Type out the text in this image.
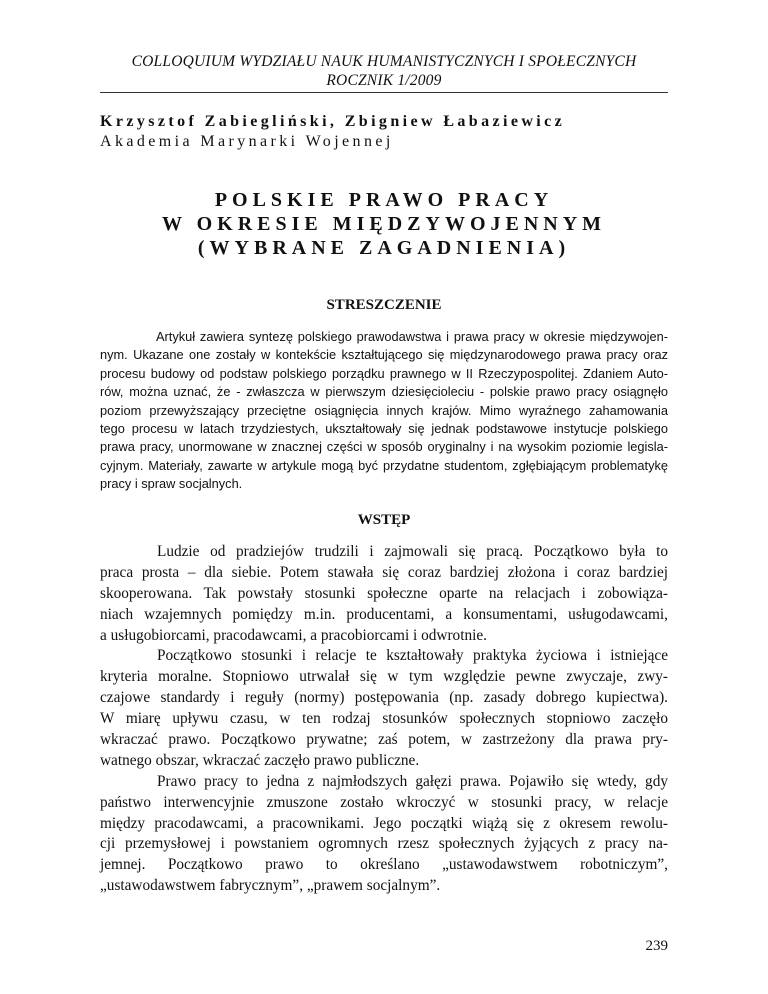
COLLOQUIUM WYDZIAŁU NAUK HUMANISTYCZNYCH I SPOŁECZNYCH
ROCZNIK 1/2009
Krzysztof Zabiegliński, Zbigniew Łabaziewicz
Akademia Marynarki Wojennej
POLSKIE PRAWO PRACY
W OKRESIE MIĘDZYWOJENNYM
(WYBRANE ZAGADNIENIA)
STRESZCZENIE
Artykuł zawiera syntezę polskiego prawodawstwa i prawa pracy w okresie międzywojen-
nym. Ukazane one zostały w kontekście kształtującego się międzynarodowego prawa pracy oraz
procesu budowy od podstaw polskiego porządku prawnego w II Rzeczypospolitej. Zdaniem Auto-
rów, można uznać, że - zwłaszcza w pierwszym dziesięcioleciu - polskie prawo pracy osiągnęło
poziom przewyższający przeciętne osiągnięcia innych krajów. Mimo wyraźnego zahamowania
tego procesu w latach trzydziestych, ukształtowały się jednak podstawowe instytucje polskiego
prawa pracy, unormowane w znacznej części w sposób oryginalny i na wysokim poziomie legisla-
cyjnym. Materiały, zawarte w artykule mogą być przydatne studentom, zgłębiającym problematykę
pracy i spraw socjalnych.
WSTĘP
Ludzie od pradziejów trudzili i zajmowali się pracą. Początkowo była to
praca prosta – dla siebie. Potem stawała się coraz bardziej złożona i coraz bardziej
skooperowana. Tak powstały stosunki społeczne oparte na relacjach i zobowiąza-
niach wzajemnych pomiędzy m.in. producentami, a konsumentami, usługodawcami,
a usługobiorcami, pracodawcami, a pracobiorcami i odwrotnie.
Początkowo stosunki i relacje te kształtowały praktyka życiowa i istniejące
kryteria moralne. Stopniowo utrwalał się w tym względzie pewne zwyczaje, zwy-
czajowe standardy i reguły (normy) postępowania (np. zasady dobrego kupiectwa).
W miarę upływu czasu, w ten rodzaj stosunków społecznych stopniowo zaczęło
wkraczać prawo. Początkowo prywatne; zaś potem, w zastrzeżony dla prawa pry-
watnego obszar, wkraczać zaczęło prawo publiczne.
Prawo pracy to jedna z najmłodszych gałęzi prawa. Pojawiło się wtedy, gdy
państwo interwencyjnie zmuszone zostało wkroczyć w stosunki pracy, w relacje
między pracodawcami, a pracownikami. Jego początki wiążą się z okresem rewolu-
cji przemysłowej i powstaniem ogromnych rzesz społecznych żyjących z pracy na-
jemnej. Początkowo prawo to określano „ustawodawstwem robotniczym”,
„ustawodawstwem fabrycznym”, „prawem socjalnym”.
239
